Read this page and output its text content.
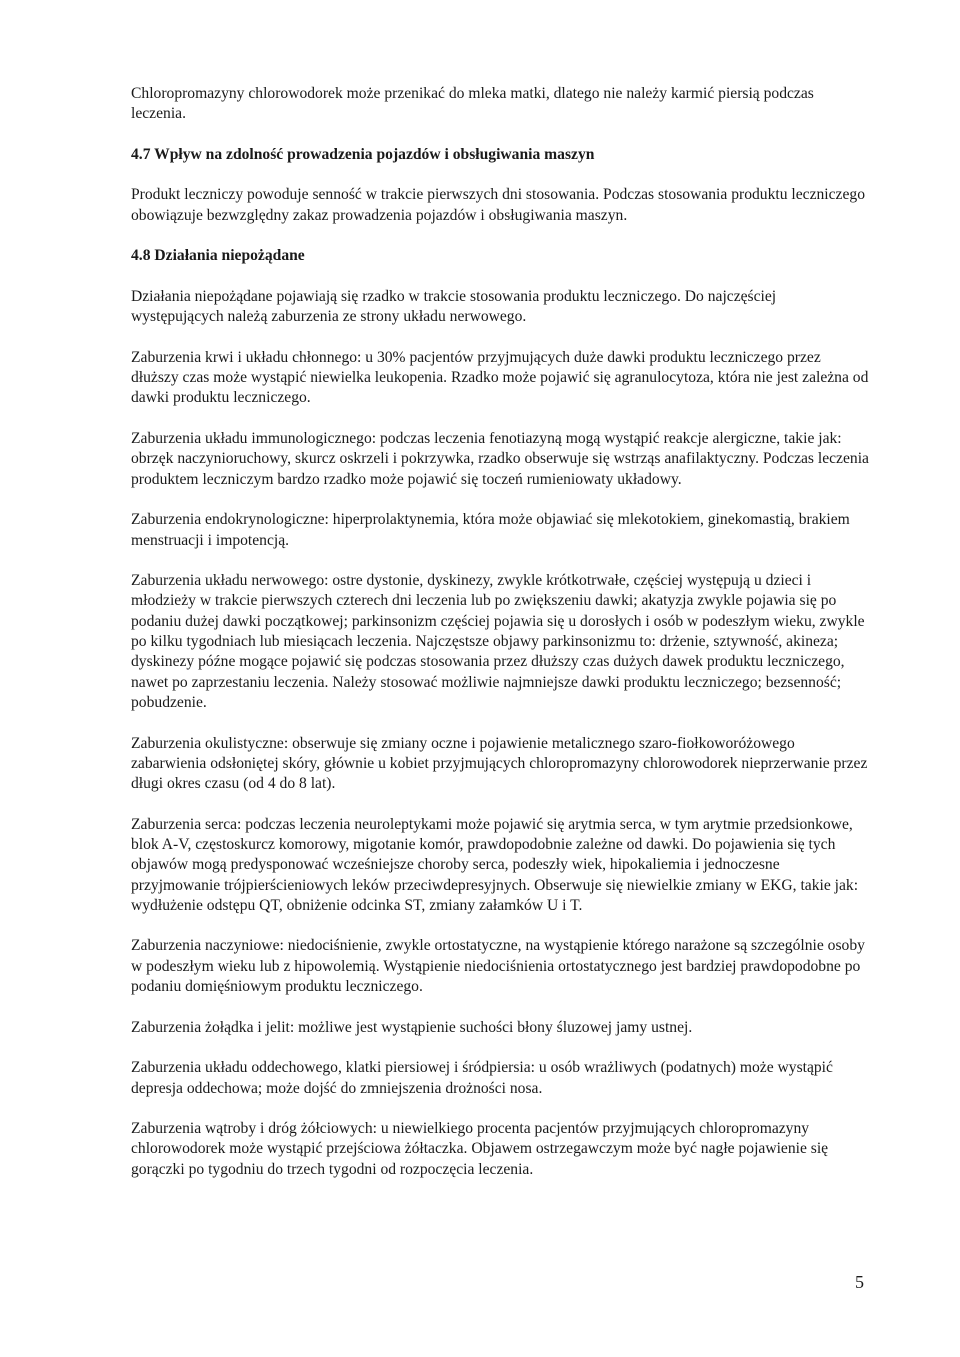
Chloropromazyny chlorowodorek może przenikać do mleka matki, dlatego nie należy karmić piersią podczas leczenia.

4.7 Wpływ na zdolność prowadzenia pojazdów i obsługiwania maszyn

Produkt leczniczy powoduje senność w trakcie pierwszych dni stosowania. Podczas stosowania produktu leczniczego obowiązuje bezwzględny zakaz prowadzenia pojazdów i obsługiwania maszyn.

4.8 Działania niepożądane

Działania niepożądane pojawiają się rzadko w trakcie stosowania produktu leczniczego. Do najczęściej występujących należą zaburzenia ze strony układu nerwowego.

Zaburzenia krwi i układu chłonnego: u 30% pacjentów przyjmujących duże dawki produktu leczniczego przez dłuższy czas może wystąpić niewielka leukopenia. Rzadko może pojawić się agranulocytoza, która nie jest zależna od dawki produktu leczniczego.

Zaburzenia układu immunologicznego: podczas leczenia fenotiazyną mogą wystąpić reakcje alergiczne, takie jak: obrzęk naczynioruchowy, skurcz oskrzeli i pokrzywka, rzadko obserwuje się wstrząs anafilaktyczny. Podczas leczenia produktem leczniczym bardzo rzadko może pojawić się toczeń rumieniowaty układowy.

Zaburzenia endokrynologiczne: hiperprolaktynemia, która może objawiać się mlekotokiem, ginekomastią, brakiem menstruacji i impotencją.

Zaburzenia układu nerwowego: ostre dystonie, dyskinezy, zwykle krótkotrwałe, częściej występują u dzieci i młodzieży w trakcie pierwszych czterech dni leczenia lub po zwiększeniu dawki; akatyzja zwykle pojawia się po podaniu dużej dawki początkowej; parkinsonizm częściej pojawia się u dorosłych i osób w podeszłym wieku, zwykle po kilku tygodniach lub miesiącach leczenia. Najczęstsze objawy parkinsonizmu to: drżenie, sztywność, akineza; dyskinezy późne mogące pojawić się podczas stosowania przez dłuższy czas dużych dawek produktu leczniczego, nawet po zaprzestaniu leczenia. Należy stosować możliwie najmniejsze dawki produktu leczniczego; bezsenność; pobudzenie.

Zaburzenia okulistyczne: obserwuje się zmiany oczne i pojawienie metalicznego szaro-fiołkoworóżowego zabarwienia odsłoniętej skóry, głównie u kobiet przyjmujących chloropromazyny chlorowodorek nieprzerwanie przez długi okres czasu (od 4 do 8 lat).

Zaburzenia serca: podczas leczenia neuroleptykami może pojawić się arytmia serca, w tym arytmie przedsionkowe, blok A-V, częstoskurcz komorowy, migotanie komór, prawdopodobnie zależne od dawki. Do pojawienia się tych objawów mogą predysponować wcześniejsze choroby serca, podeszły wiek, hipokaliemia i jednoczesne przyjmowanie trójpierścieniowych leków przeciwdepresyjnych. Obserwuje się niewielkie zmiany w EKG, takie jak: wydłużenie odstępu QT, obniżenie odcinka ST, zmiany załamków U i T.

Zaburzenia naczyniowe: niedociśnienie, zwykle ortostatyczne, na wystąpienie którego narażone są szczególnie osoby w podeszłym wieku lub z hipowolemią. Wystąpienie niedociśnienia ortostatycznego jest bardziej prawdopodobne po podaniu domięśniowym produktu leczniczego.

Zaburzenia żołądka i jelit: możliwe jest wystąpienie suchości błony śluzowej jamy ustnej.

Zaburzenia układu oddechowego, klatki piersiowej i śródpiersia: u osób wrażliwych (podatnych) może wystąpić depresja oddechowa; może dojść do zmniejszenia drożności nosa.

Zaburzenia wątroby i dróg żółciowych: u niewielkiego procenta pacjentów przyjmujących chloropromazyny chlorowodorek może wystąpić przejściowa żółtaczka. Objawem ostrzegawczym może być nagłe pojawienie się gorączki po tygodniu do trzech tygodni od rozpoczęcia leczenia.

5
